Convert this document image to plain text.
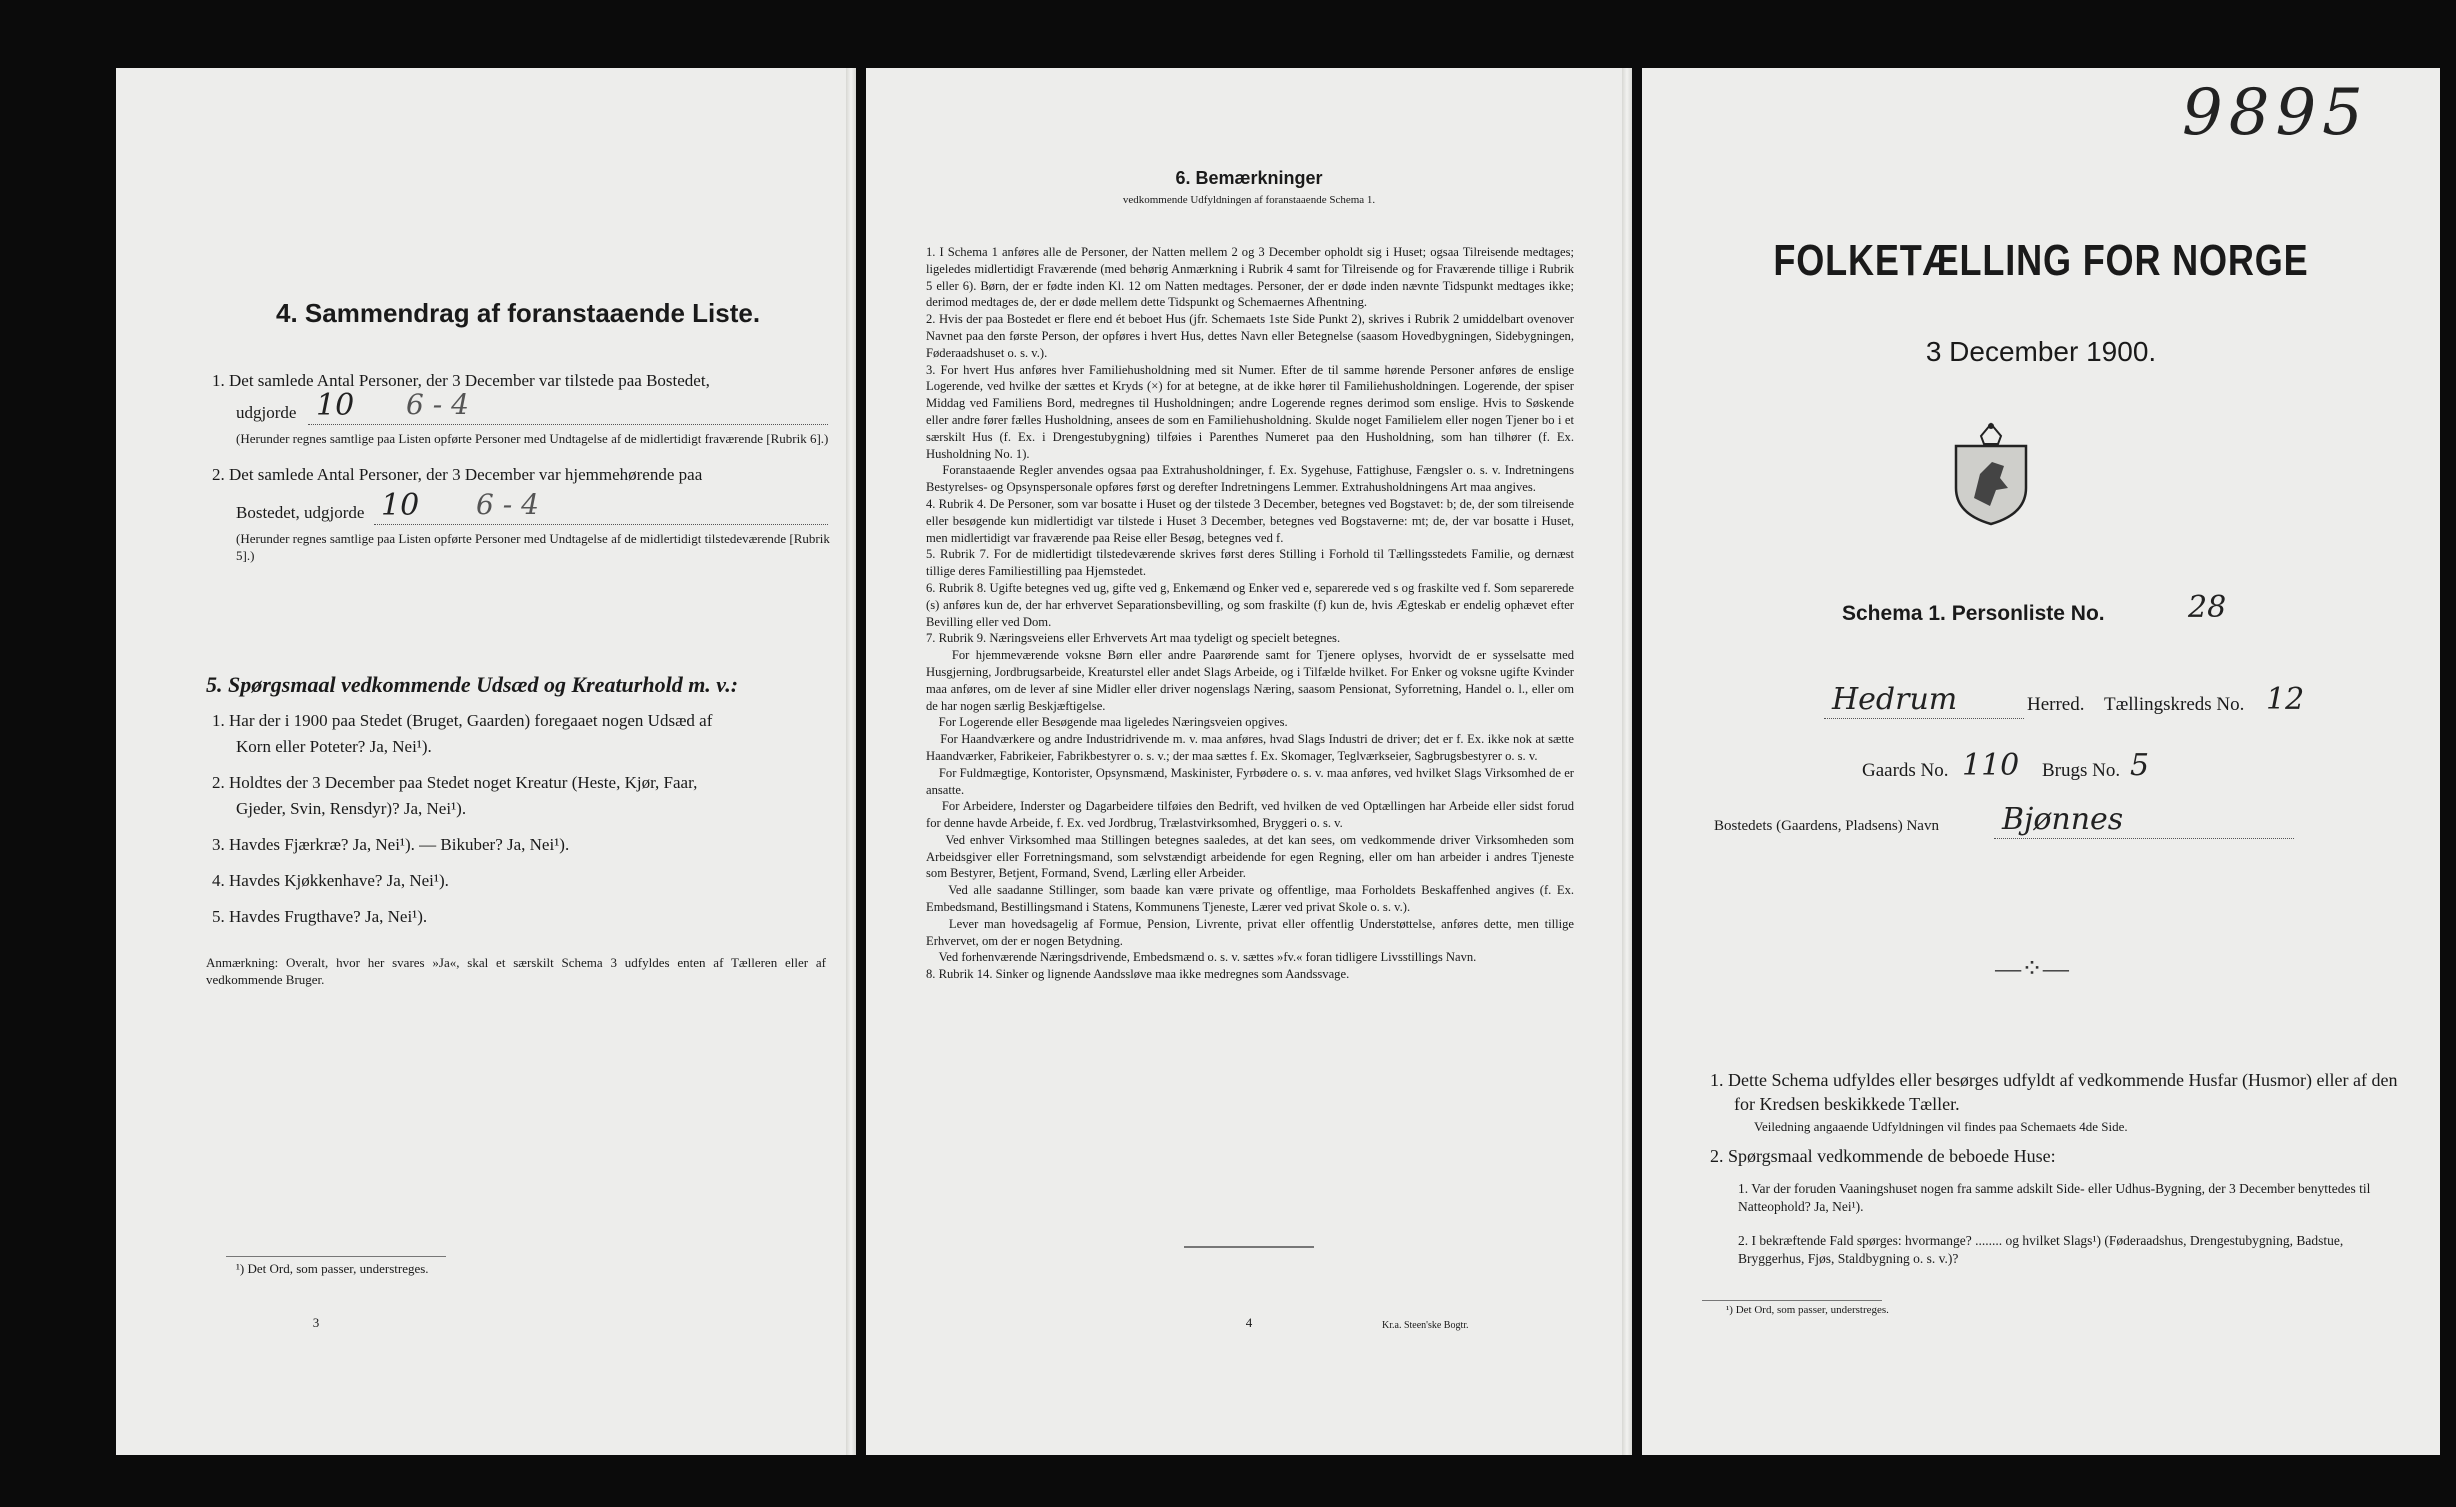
4. Sammendrag af foranstaaende Liste.
1. Det samlede Antal Personer, der 3 December var tilstede paa Bostedet,
udgjorde 10 6 - 4
(Herunder regnes samtlige paa Listen opførte Personer med Undtagelse af de midlertidigt fraværende [Rubrik 6].)
2. Det samlede Antal Personer, der 3 December var hjemmehørende paa
Bostedet, udgjorde 10 6 - 4
(Herunder regnes samtlige paa Listen opførte Personer med Undtagelse af de midlertidigt tilstedeværende [Rubrik 5].)
5. Spørgsmaal vedkommende Udsæd og Kreaturhold m. v.:
1. Har der i 1900 paa Stedet (Bruget, Gaarden) foregaaet nogen Udsæd af
Korn eller Poteter? Ja, Nei¹).
2. Holdtes der 3 December paa Stedet noget Kreatur (Heste, Kjør, Faar,
Gjeder, Svin, Rensdyr)? Ja, Nei¹).
3. Havdes Fjærkræ? Ja, Nei¹). — Bikuber? Ja, Nei¹).
4. Havdes Kjøkkenhave? Ja, Nei¹).
5. Havdes Frugthave? Ja, Nei¹).
Anmærkning: Overalt, hvor her svares »Ja«, skal et særskilt Schema 3 udfyldes enten af Tælleren eller af vedkommende Bruger.
¹) Det Ord, som passer, understreges.
3
6. Bemærkninger
vedkommende Udfyldningen af foranstaaende Schema 1.
1. I Schema 1 anføres alle de Personer, der Natten mellem 2 og 3 December opholdt sig i Huset; ogsaa Tilreisende medtages; ligeledes midlertidigt Fraværende (med behørig Anmærkning i Rubrik 4 samt for Tilreisende og for Fraværende tillige i Rubrik 5 eller 6). Børn, der er fødte inden Kl. 12 om Natten medtages. Personer, der er døde inden nævnte Tidspunkt medtages ikke; derimod medtages de, der er døde mellem dette Tidspunkt og Schemaernes Afhentning.
2. Hvis der paa Bostedet er flere end ét beboet Hus (jfr. Schemaets 1ste Side Punkt 2), skrives i Rubrik 2 umiddelbart ovenover Navnet paa den første Person, der opføres i hvert Hus, dettes Navn eller Betegnelse (saasom Hovedbygningen, Sidebygningen, Føderaadshuset o. s. v.).
3. For hvert Hus anføres hver Familiehusholdning med sit Numer. Efter de til samme hørende Personer anføres de enslige Logerende, ved hvilke der sættes et Kryds (×) for at betegne, at de ikke hører til Familiehusholdningen. Logerende, der spiser Middag ved Familiens Bord, medregnes til Husholdningen; andre Logerende regnes derimod som enslige. Hvis to Søskende eller andre fører fælles Husholdning, ansees de som en Familiehusholdning. Skulde noget Familielem eller nogen Tjener bo i et særskilt Hus (f. Ex. i Drengestubygning) tilføies i Parenthes Numeret paa den Husholdning, som han tilhører (f. Ex. Husholdning No. 1).
Foranstaaende Regler anvendes ogsaa paa Extrahusholdninger, f. Ex. Sygehuse, Fattighuse, Fængsler o. s. v. Indretningens Bestyrelses- og Opsynspersonale opføres først og derefter Indretningens Lemmer. Extrahusholdningens Art maa angives.
4. Rubrik 4. De Personer, som var bosatte i Huset og der tilstede 3 December, betegnes ved Bogstavet: b; de, der som tilreisende eller besøgende kun midlertidigt var tilstede i Huset 3 December, betegnes ved Bogstaverne: mt; de, der var bosatte i Huset, men midlertidigt var fraværende paa Reise eller Besøg, betegnes ved f.
5. Rubrik 7. For de midlertidigt tilstedeværende skrives først deres Stilling i Forhold til Tællingsstedets Familie, og dernæst tillige deres Familiestilling paa Hjemstedet.
6. Rubrik 8. Ugifte betegnes ved ug, gifte ved g, Enkemænd og Enker ved e, separerede ved s og fraskilte ved f. Som separerede (s) anføres kun de, der har erhvervet Separationsbevilling, og som fraskilte (f) kun de, hvis Ægteskab er endelig ophævet efter Bevilling eller ved Dom.
7. Rubrik 9. Næringsveiens eller Erhvervets Art maa tydeligt og specielt betegnes.
For hjemmeværende voksne Børn eller andre Paarørende samt for Tjenere oplyses, hvorvidt de er sysselsatte med Husgjerning, Jordbrugsarbeide, Kreaturstel eller andet Slags Arbeide, og i Tilfælde hvilket. For Enker og voksne ugifte Kvinder maa anføres, om de lever af sine Midler eller driver nogenslags Næring, saasom Pensionat, Syforretning, Handel o. l., eller om de har nogen særlig Beskjæftigelse.
For Logerende eller Besøgende maa ligeledes Næringsveien opgives.
For Haandværkere og andre Industridrivende m. v. maa anføres, hvad Slags Industri de driver; det er f. Ex. ikke nok at sætte Haandværker, Fabrikeier, Fabrikbestyrer o. s. v.; der maa sættes f. Ex. Skomager, Teglværkseier, Sagbrugsbestyrer o. s. v.
For Fuldmægtige, Kontorister, Opsynsmænd, Maskinister, Fyrbødere o. s. v. maa anføres, ved hvilket Slags Virksomhed de er ansatte.
For Arbeidere, Inderster og Dagarbeidere tilføies den Bedrift, ved hvilken de ved Optællingen har Arbeide eller sidst forud for denne havde Arbeide, f. Ex. ved Jordbrug, Trælastvirksomhed, Bryggeri o. s. v.
Ved enhver Virksomhed maa Stillingen betegnes saaledes, at det kan sees, om vedkommende driver Virksomheden som Arbeidsgiver eller Forretningsmand, som selvstændigt arbeidende for egen Regning, eller om han arbeider i andres Tjeneste som Bestyrer, Betjent, Formand, Svend, Lærling eller Arbeider.
Ved alle saadanne Stillinger, som baade kan være private og offentlige, maa Forholdets Beskaffenhed angives (f. Ex. Embedsmand, Bestillingsmand i Statens, Kommunens Tjeneste, Lærer ved privat Skole o. s. v.).
Lever man hovedsagelig af Formue, Pension, Livrente, privat eller offentlig Understøttelse, anføres dette, men tillige Erhvervet, om der er nogen Betydning.
Ved forhenværende Næringsdrivende, Embedsmænd o. s. v. sættes »fv.« foran tidligere Livsstillings Navn.
8. Rubrik 14. Sinker og lignende Aandssløve maa ikke medregnes som Aandssvage.
4	Kr.a. Steen'ske Bogtr.
9895
FOLKETÆLLING FOR NORGE
3 December 1900.
Schema 1. Personliste No.	28
Hedrum	Herred. Tællingskreds No. 12
Gaards No. 110 Brugs No. 5
Bostedets (Gaardens, Pladsens) Navn Bjønnes
—⁘—
1. Dette Schema udfyldes eller besørges udfyldt af vedkommende Husfar (Husmor) eller af den for Kredsen beskikkede Tæller.
Veiledning angaaende Udfyldningen vil findes paa Schemaets 4de Side.
2. Spørgsmaal vedkommende de beboede Huse:
1. Var der foruden Vaaningshuset nogen fra samme adskilt Side- eller Udhus-Bygning, der 3 December benyttedes til Natteophold? Ja, Nei¹).
2. I bekræftende Fald spørges: hvormange? ........ og hvilket Slags¹) (Føderaadshus, Drengestubygning, Badstue, Bryggerhus, Fjøs, Staldbygning o. s. v.)?
¹) Det Ord, som passer, understreges.
